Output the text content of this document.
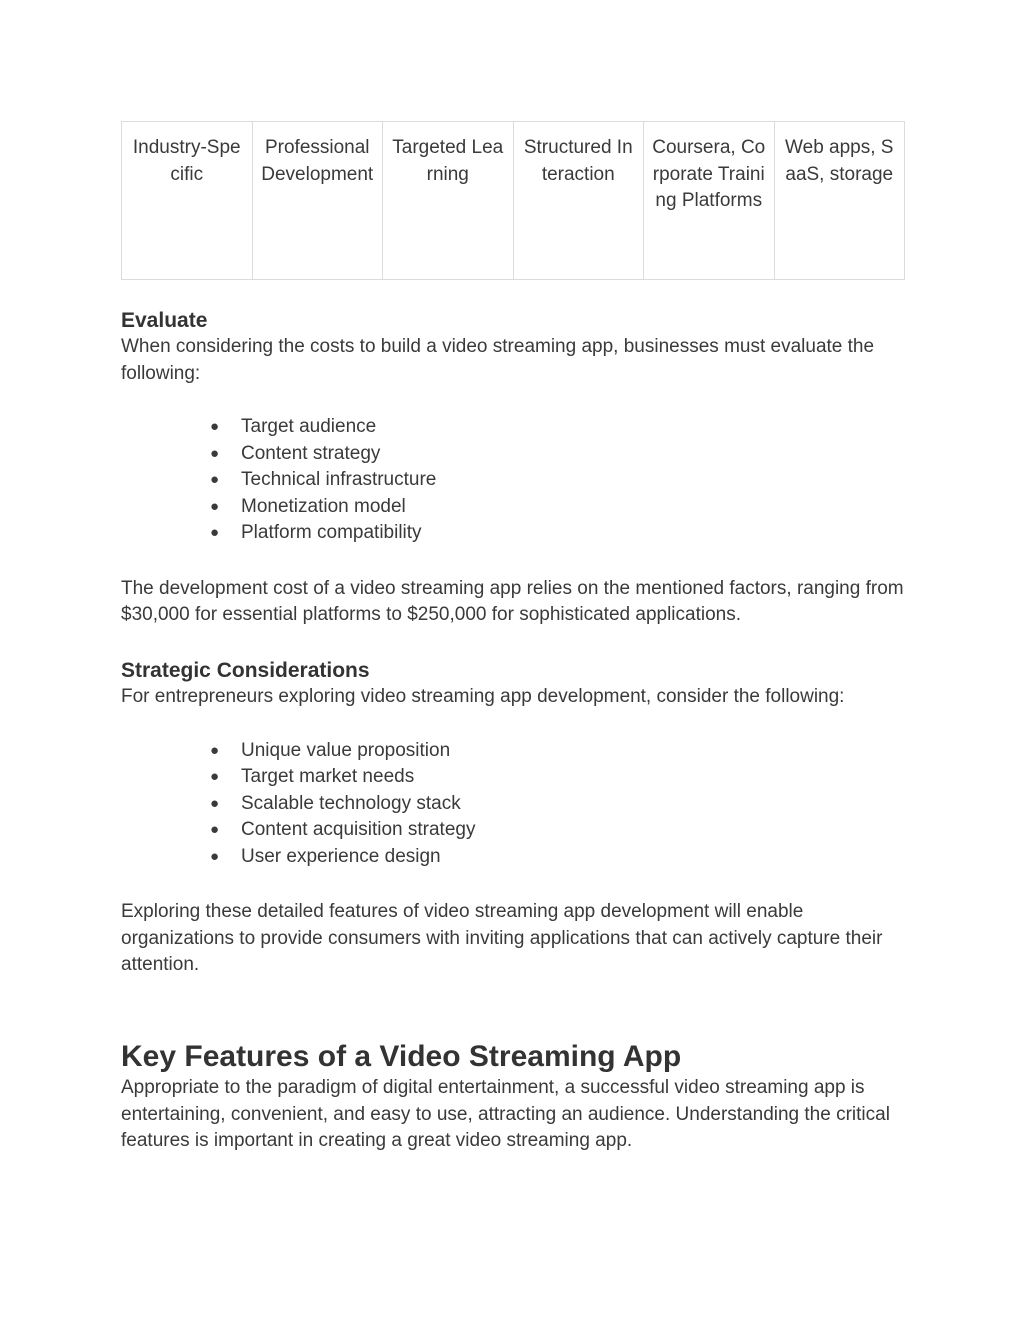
Industry-Specific	Professional Development	Targeted Learning	Structured Interaction	Coursera, Corporate Training Platforms	Web apps, SaaS, storage
Evaluate

When considering the costs to build a video streaming app, businesses must evaluate the following:

● Target audience
● Content strategy
● Technical infrastructure
● Monetization model
● Platform compatibility

The development cost of a video streaming app relies on the mentioned factors, ranging from $30,000 for essential platforms to $250,000 for sophisticated applications.

Strategic Considerations

For entrepreneurs exploring video streaming app development, consider the following:

● Unique value proposition
● Target market needs
● Scalable technology stack
● Content acquisition strategy
● User experience design

Exploring these detailed features of video streaming app development will enable organizations to provide consumers with inviting applications that can actively capture their attention.

Key Features of a Video Streaming App

Appropriate to the paradigm of digital entertainment, a successful video streaming app is entertaining, convenient, and easy to use, attracting an audience. Understanding the critical features is important in creating a great video streaming app.
